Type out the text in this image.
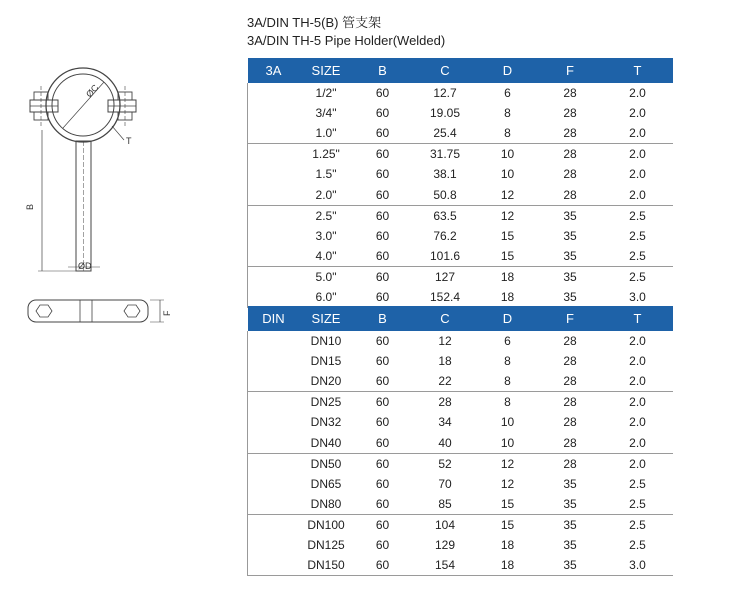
3A/DIN TH-5(B) 管支架
3A/DIN TH-5 Pipe Holder(Welded)
ØC
T
B
ØD
F
3A	SIZE	B	C	D	F	T
	1/2"	60	12.7	6	28	2.0
	3/4"	60	19.05	8	28	2.0
	1.0"	60	25.4	8	28	2.0
	1.25"	60	31.75	10	28	2.0
	1.5"	60	38.1	10	28	2.0
	2.0"	60	50.8	12	28	2.0
	2.5"	60	63.5	12	35	2.5
	3.0"	60	76.2	15	35	2.5
	4.0"	60	101.6	15	35	2.5
	5.0"	60	127	18	35	2.5
	6.0"	60	152.4	18	35	3.0
DIN	SIZE	B	C	D	F	T
	DN10	60	12	6	28	2.0
	DN15	60	18	8	28	2.0
	DN20	60	22	8	28	2.0
	DN25	60	28	8	28	2.0
	DN32	60	34	10	28	2.0
	DN40	60	40	10	28	2.0
	DN50	60	52	12	28	2.0
	DN65	60	70	12	35	2.5
	DN80	60	85	15	35	2.5
	DN100	60	104	15	35	2.5
	DN125	60	129	18	35	2.5
	DN150	60	154	18	35	3.0
